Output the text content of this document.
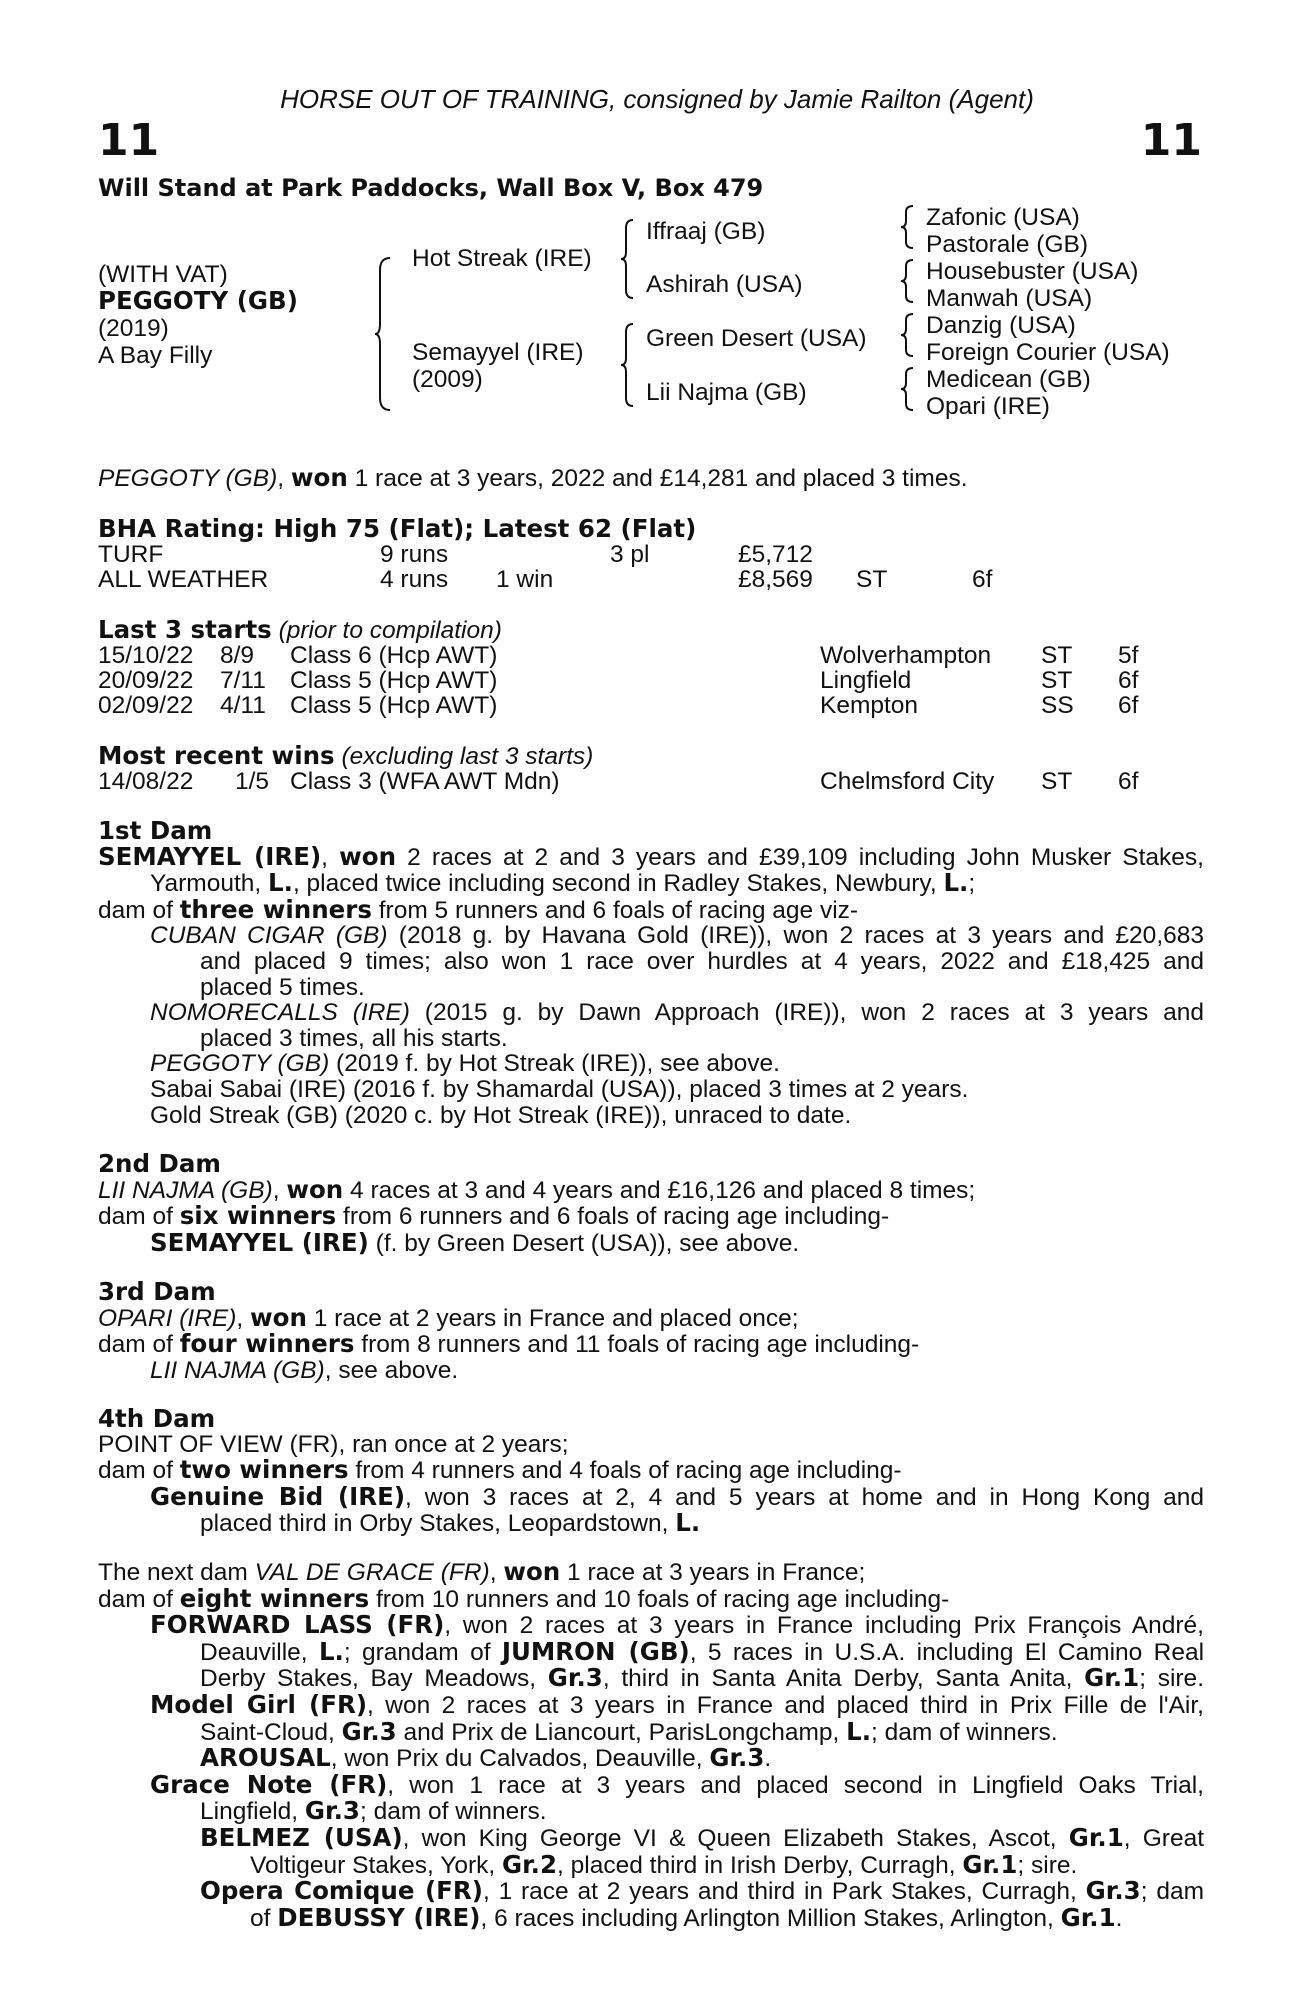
HORSE OUT OF TRAINING, consigned by Jamie Railton (Agent)
11	11
Will Stand at Park Paddocks, Wall Box V, Box 479
(WITH VAT)
PEGGOTY (GB)
(2019)
A Bay Filly
Hot Streak (IRE)
Semayyel (IRE)
(2009)
Iffraaj (GB)
Ashirah (USA)
Green Desert (USA)
Lii Najma (GB)
Zafonic (USA)
Pastorale (GB)
Housebuster (USA)
Manwah (USA)
Danzig (USA)
Foreign Courier (USA)
Medicean (GB)
Opari (IRE)
PEGGOTY (GB), won 1 race at 3 years, 2022 and £14,281 and placed 3 times.
BHA Rating: High 75 (Flat); Latest 62 (Flat)
TURF	9 runs	3 pl	£5,712
ALL WEATHER	4 runs 1 win	£8,569 ST	6f
Last 3 starts (prior to compilation)
15/10/22 8/9 Class 6 (Hcp AWT)	Wolverhampton ST 5f
20/09/22 7/11 Class 5 (Hcp AWT)	Lingfield	ST 6f
02/09/22 4/11 Class 5 (Hcp AWT)	Kempton	SS 6f
Most recent wins (excluding last 3 starts)
14/08/22 1/5 Class 3 (WFA AWT Mdn)	Chelmsford City ST 6f
1st Dam
SEMAYYEL (IRE), won 2 races at 2 and 3 years and £39,109 including John Musker Stakes,
Yarmouth, L., placed twice including second in Radley Stakes, Newbury, L.;
dam of three winners from 5 runners and 6 foals of racing age viz-
CUBAN CIGAR (GB) (2018 g. by Havana Gold (IRE)), won 2 races at 3 years and £20,683
and placed 9 times; also won 1 race over hurdles at 4 years, 2022 and £18,425 and
placed 5 times.
NOMORECALLS (IRE) (2015 g. by Dawn Approach (IRE)), won 2 races at 3 years and
placed 3 times, all his starts.
PEGGOTY (GB) (2019 f. by Hot Streak (IRE)), see above.
Sabai Sabai (IRE) (2016 f. by Shamardal (USA)), placed 3 times at 2 years.
Gold Streak (GB) (2020 c. by Hot Streak (IRE)), unraced to date.
2nd Dam
LII NAJMA (GB), won 4 races at 3 and 4 years and £16,126 and placed 8 times;
dam of six winners from 6 runners and 6 foals of racing age including-
SEMAYYEL (IRE) (f. by Green Desert (USA)), see above.
3rd Dam
OPARI (IRE), won 1 race at 2 years in France and placed once;
dam of four winners from 8 runners and 11 foals of racing age including-
LII NAJMA (GB), see above.
4th Dam
POINT OF VIEW (FR), ran once at 2 years;
dam of two winners from 4 runners and 4 foals of racing age including-
Genuine Bid (IRE), won 3 races at 2, 4 and 5 years at home and in Hong Kong and
placed third in Orby Stakes, Leopardstown, L.
The next dam VAL DE GRACE (FR), won 1 race at 3 years in France;
dam of eight winners from 10 runners and 10 foals of racing age including-
FORWARD LASS (FR), won 2 races at 3 years in France including Prix François André,
Deauville, L.; grandam of JUMRON (GB), 5 races in U.S.A. including El Camino Real
Derby Stakes, Bay Meadows, Gr.3, third in Santa Anita Derby, Santa Anita, Gr.1; sire.
Model Girl (FR), won 2 races at 3 years in France and placed third in Prix Fille de l'Air,
Saint-Cloud, Gr.3 and Prix de Liancourt, ParisLongchamp, L.; dam of winners.
AROUSAL, won Prix du Calvados, Deauville, Gr.3.
Grace Note (FR), won 1 race at 3 years and placed second in Lingfield Oaks Trial,
Lingfield, Gr.3; dam of winners.
BELMEZ (USA), won King George VI & Queen Elizabeth Stakes, Ascot, Gr.1, Great
Voltigeur Stakes, York, Gr.2, placed third in Irish Derby, Curragh, Gr.1; sire.
Opera Comique (FR), 1 race at 2 years and third in Park Stakes, Curragh, Gr.3; dam
of DEBUSSY (IRE), 6 races including Arlington Million Stakes, Arlington, Gr.1.
